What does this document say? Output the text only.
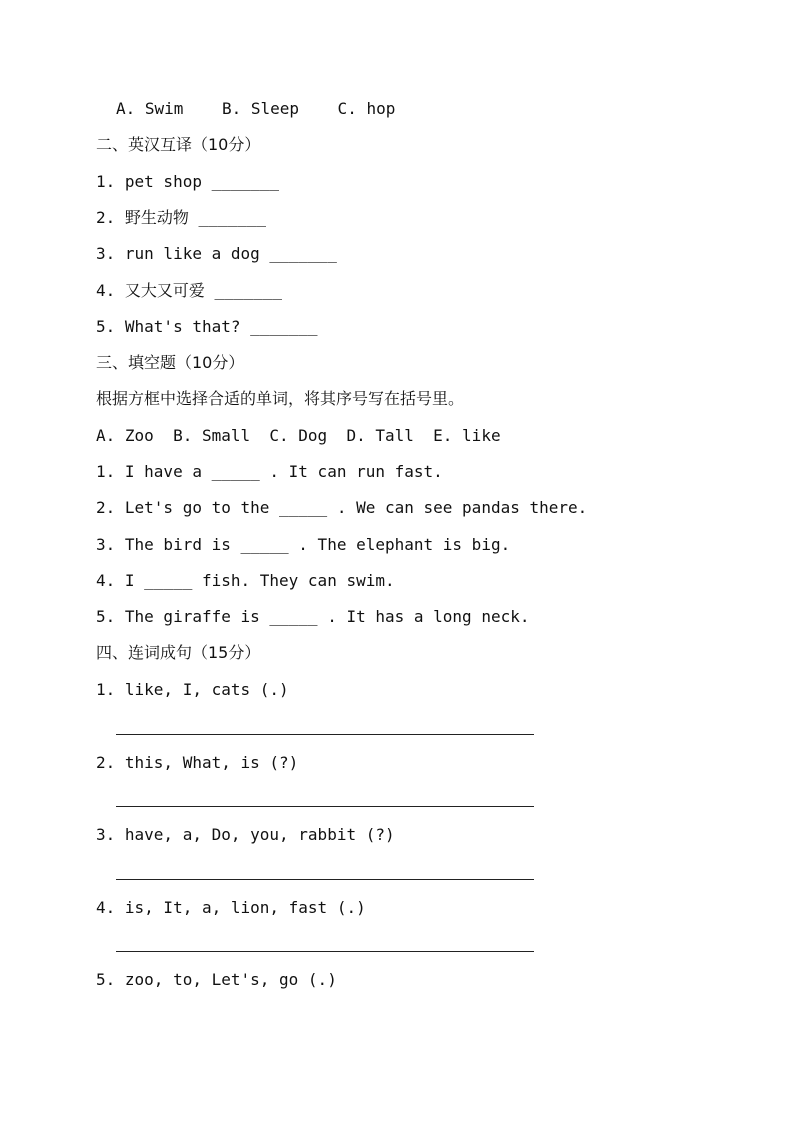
A. Swim    B. Sleep    C. hop
二、英汉互译（10分）
1. pet shop _______
2. 野生动物 _______
3. run like a dog _______
4. 又大又可爱 _______
5. What's that? _______
三、填空题（10分）
根据方框中选择合适的单词，将其序号写在括号里。
A. Zoo  B. Small  C. Dog  D. Tall  E. like
1. I have a _____ . It can run fast.
2. Let's go to the _____ . We can see pandas there.
3. The bird is _____ . The elephant is big.
4. I _____ fish. They can swim.
5. The giraffe is _____ . It has a long neck.
四、连词成句（15分）
1. like, I, cats (.)
2. this, What, is (?)
3. have, a, Do, you, rabbit (?)
4. is, It, a, lion, fast (.)
5. zoo, to, Let's, go (.)
